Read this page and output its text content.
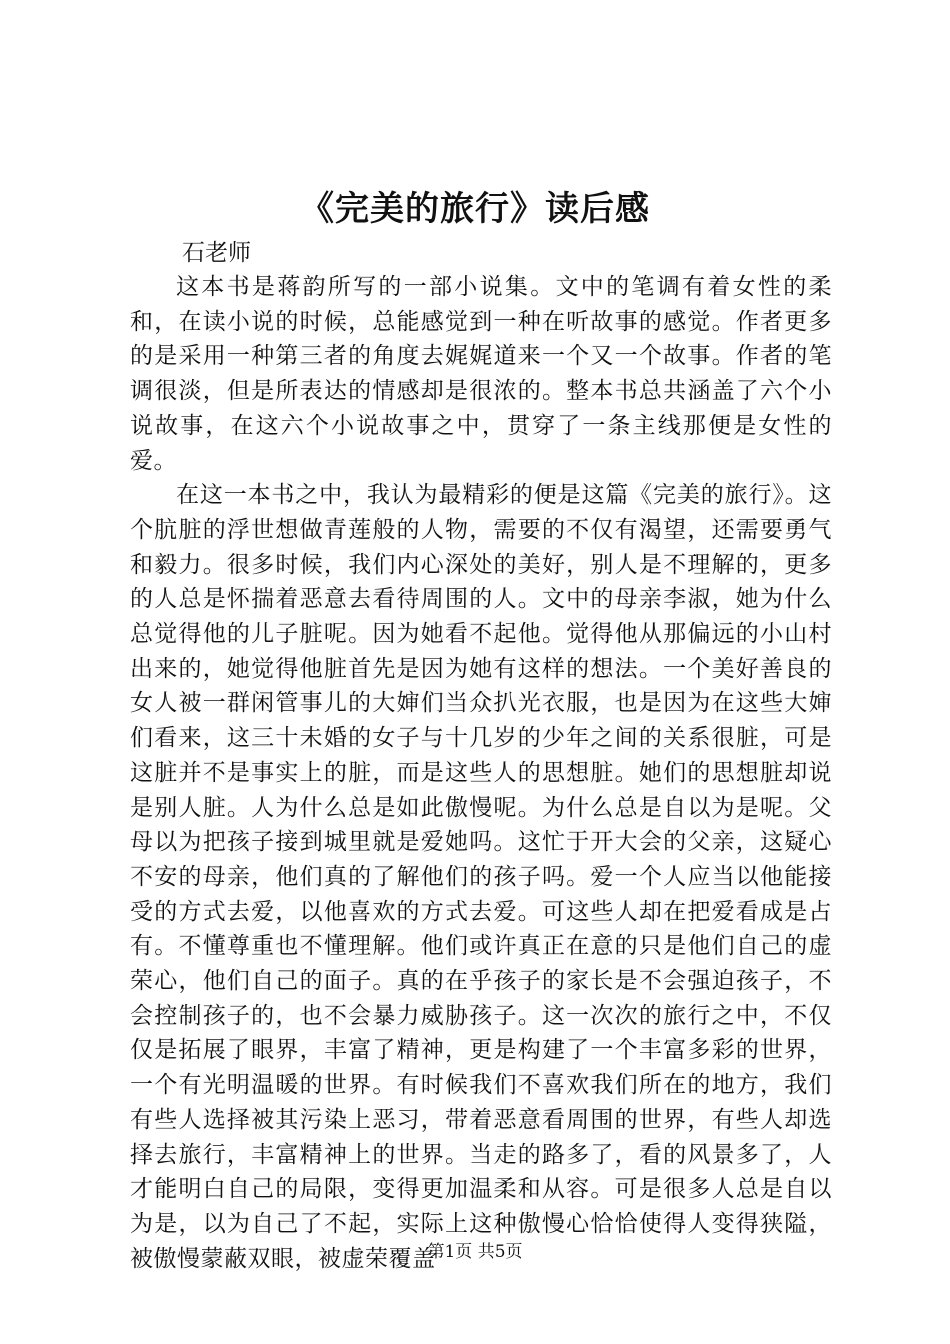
《完美的旅行》读后感

石老师

这本书是蒋韵所写的一部小说集。文中的笔调有着女性的柔和，在读小说的时候，总能感觉到一种在听故事的感觉。作者更多的是采用一种第三者的角度去娓娓道来一个又一个故事。作者的笔调很淡，但是所表达的情感却是很浓的。整本书总共涵盖了六个小说故事，在这六个小说故事之中，贯穿了一条主线那便是女性的爱。

在这一本书之中，我认为最精彩的便是这篇《完美的旅行》。这个肮脏的浮世想做青莲般的人物，需要的不仅有渴望，还需要勇气和毅力。很多时候，我们内心深处的美好，别人是不理解的，更多的人总是怀揣着恶意去看待周围的人。文中的母亲李淑，她为什么总觉得他的儿子脏呢。因为她看不起他。觉得他从那偏远的小山村出来的，她觉得他脏首先是因为她有这样的想法。一个美好善良的女人被一群闲管事儿的大婶们当众扒光衣服，也是因为在这些大婶们看来，这三十未婚的女子与十几岁的少年之间的关系很脏，可是这脏并不是事实上的脏，而是这些人的思想脏。她们的思想脏却说是别人脏。人为什么总是如此傲慢呢。为什么总是自以为是呢。父母以为把孩子接到城里就是爱她吗。这忙于开大会的父亲，这疑心不安的母亲，他们真的了解他们的孩子吗。爱一个人应当以他能接受的方式去爱，以他喜欢的方式去爱。可这些人却在把爱看成是占有。不懂尊重也不懂理解。他们或许真正在意的只是他们自己的虚荣心，他们自己的面子。真的在乎孩子的家长是不会强迫孩子，不会控制孩子的，也不会暴力威胁孩子。这一次次的旅行之中，不仅仅是拓展了眼界，丰富了精神，更是构建了一个丰富多彩的世界，一个有光明温暖的世界。有时候我们不喜欢我们所在的地方，我们有些人选择被其污染上恶习，带着恶意看周围的世界，有些人却选择去旅行，丰富精神上的世界。当走的路多了，看的风景多了，人才能明白自己的局限，变得更加温柔和从容。可是很多人总是自以为是，以为自己了不起，实际上这种傲慢心恰恰使得人变得狭隘，被傲慢蒙蔽双眼，被虚荣覆盖

第1页 共5页
